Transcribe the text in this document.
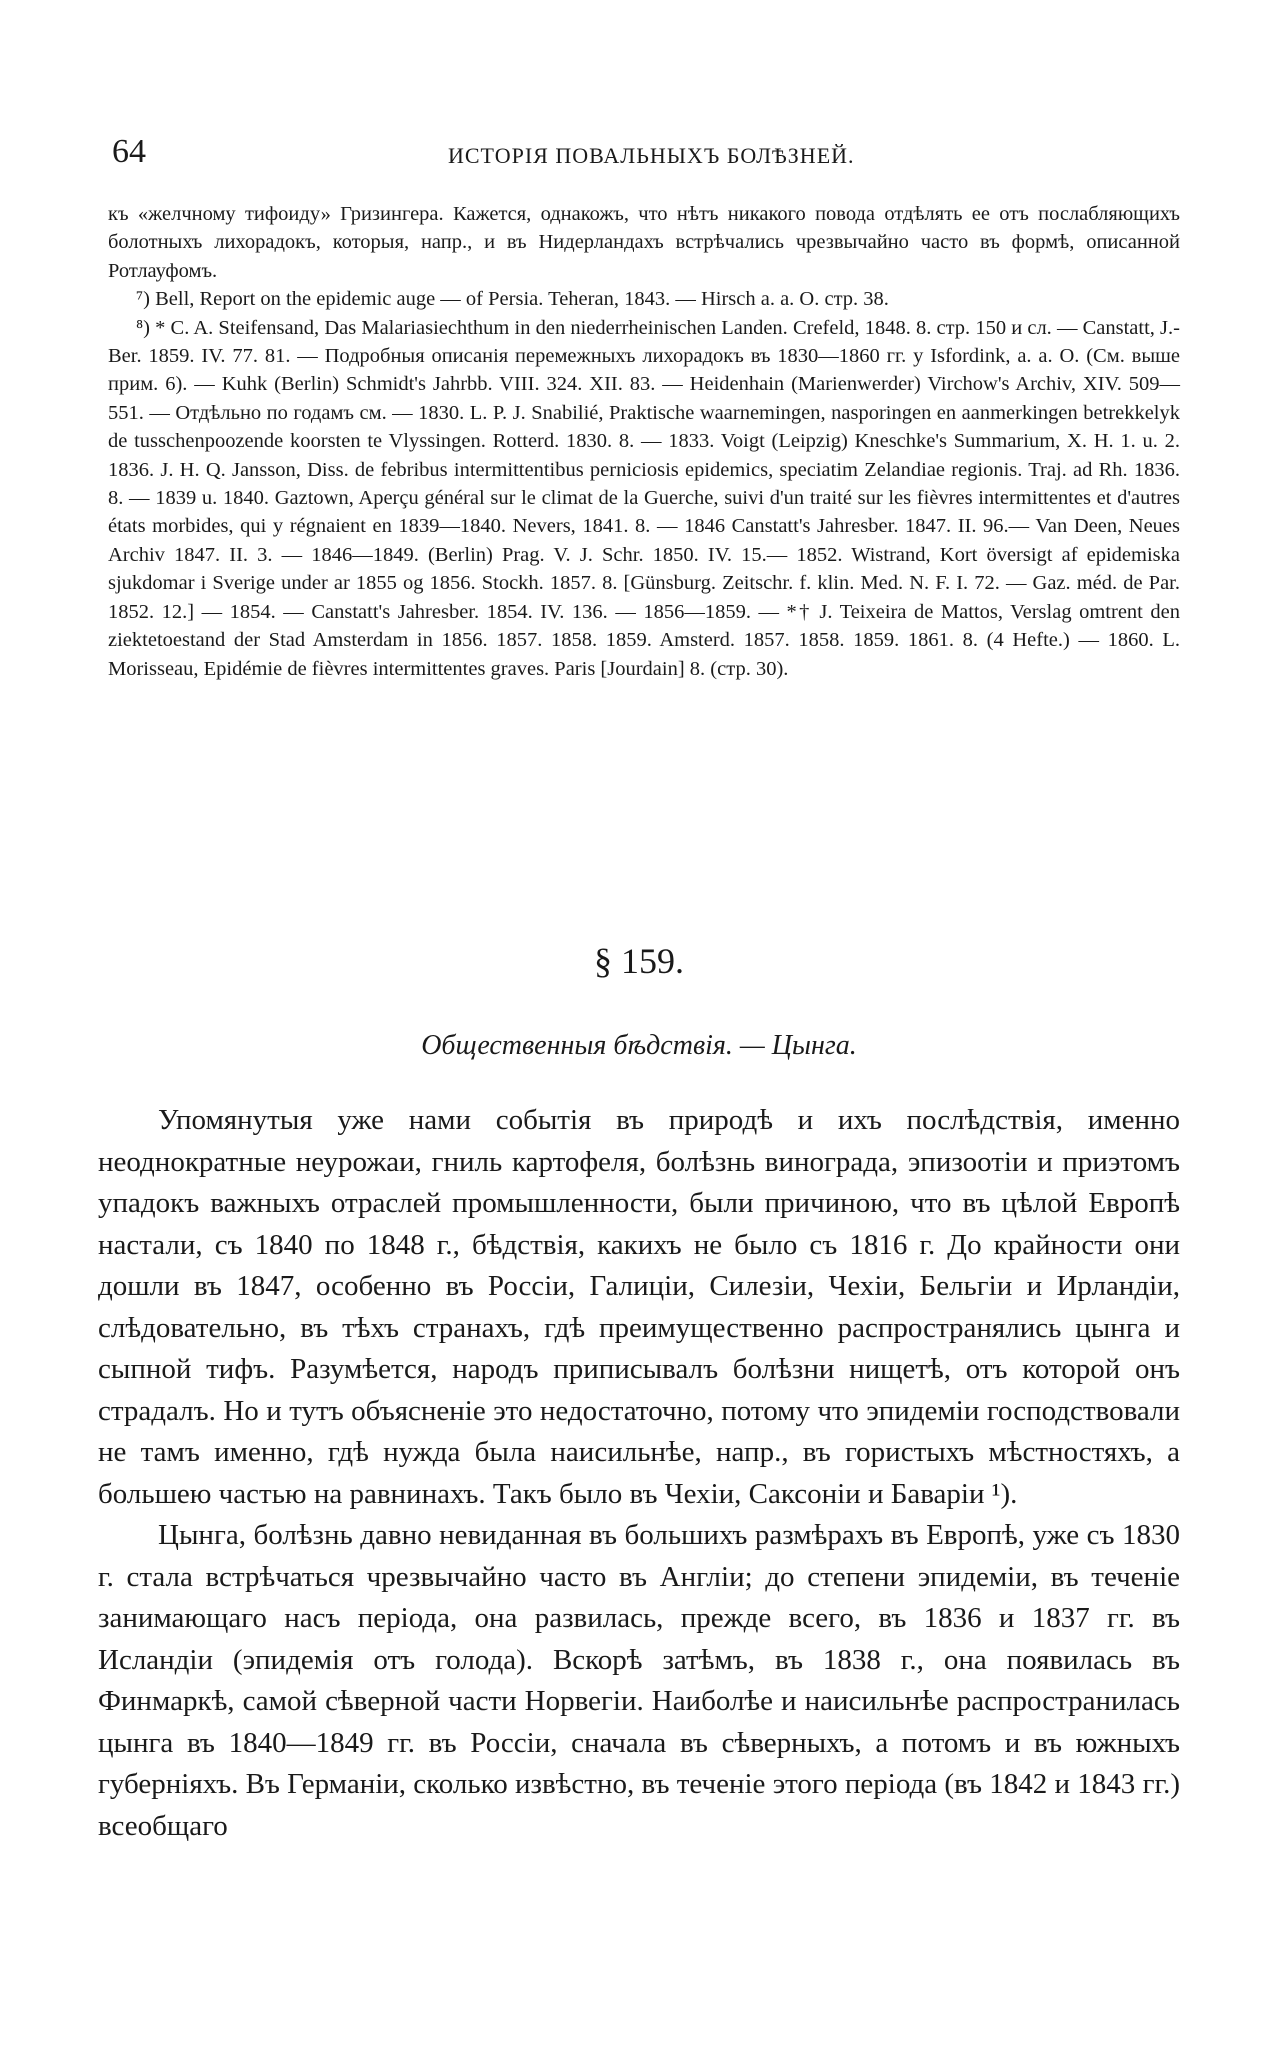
64	ИСТОРІЯ ПОВАЛЬНЫХЪ БОЛѢЗНЕЙ.

къ «желчному тифоиду» Гризингера. Кажется, однакожъ, что нѣтъ никакого повода отдѣлять ее отъ послабляющихъ болотныхъ лихорадокъ, которыя, напр., и въ Нидерландахъ встрѣчались чрезвычайно часто въ формѣ, описанной Ротлауфомъ.

⁷) Bell, Report on the epidemic auge — of Persia. Teheran, 1843. — Hirsch a. a. O. стр. 38.

⁸) * C. A. Steifensand, Das Malariasiechthum in den niederrheinischen Landen. Crefeld, 1848. 8. стр. 150 и сл. — Canstatt, J.-Ber. 1859. IV. 77. 81. — Подробныя описанія перемежныхъ лихорадокъ въ 1830—1860 гг. у Isfordink, a. a. O. (См. выше прим. 6). — Kuhk (Berlin) Schmidt's Jahrbb. VIII. 324. XII. 83. — Heidenhain (Marienwerder) Virchow's Archiv, XIV. 509—551. — Отдѣльно по годамъ см. — 1830. L. P. J. Snabilié, Praktische waarnemingen, nasporingen en aanmerkingen betrekkelyk de tusschenpoozende koorsten te Vlyssingen. Rotterd. 1830. 8. — 1833. Voigt (Leipzig) Kneschke's Summarium, X. H. 1. u. 2. 1836. J. H. Q. Jansson, Diss. de febribus intermittentibus perniciosis epidemics, speciatim Zelandiae regionis. Traj. ad Rh. 1836. 8. — 1839 u. 1840. Gaztown, Aperçu général sur le climat de la Guerche, suivi d'un traité sur les fièvres intermittentes et d'autres états morbides, qui y régnaient en 1839—1840. Nevers, 1841. 8. — 1846 Canstatt's Jahresber. 1847. II. 96.— Van Deen, Neues Archiv 1847. II. 3. — 1846—1849. (Berlin) Prag. V. J. Schr. 1850. IV. 15.— 1852. Wistrand, Kort översigt af epidemiska sjukdomar i Sverige under ar 1855 og 1856. Stockh. 1857. 8. [Günsburg. Zeitschr. f. klin. Med. N. F. I. 72. — Gaz. méd. de Par. 1852. 12.] — 1854. — Canstatt's Jahresber. 1854. IV. 136. — 1856—1859. — *† J. Teixeira de Mattos, Verslag omtrent den ziektetoestand der Stad Amsterdam in 1856. 1857. 1858. 1859. Amsterd. 1857. 1858. 1859. 1861. 8. (4 Hefte.) — 1860. L. Morisseau, Epidémie de fièvres intermittentes graves. Paris [Jourdain] 8. (стр. 30).

§ 159.
Общественныя бѣдствія. — Цынга.

Упомянутыя уже нами событія въ природѣ и ихъ послѣдствія, именно неоднократные неурожаи, гниль картофеля, болѣзнь винограда, эпизоотіи и приэтомъ упадокъ важныхъ отраслей промышленности, были причиною, что въ цѣлой Европѣ настали, съ 1840 по 1848 г., бѣдствія, какихъ не было съ 1816 г. До крайности они дошли въ 1847, особенно въ Россіи, Галиціи, Силезіи, Чехіи, Бельгіи и Ирландіи, слѣдовательно, въ тѣхъ странахъ, гдѣ преимущественно распространялись цынга и сыпной тифъ. Разумѣется, народъ приписывалъ болѣзни нищетѣ, отъ которой онъ страдалъ. Но и тутъ объясненіе это недостаточно, потому что эпидеміи господствовали не тамъ именно, гдѣ нужда была наисильнѣе, напр., въ гористыхъ мѣстностяхъ, а большею частью на равнинахъ. Такъ было въ Чехіи, Саксоніи и Баваріи ¹).

Цынга, болѣзнь давно невиданная въ большихъ размѣрахъ въ Европѣ, уже съ 1830 г. стала встрѣчаться чрезвычайно часто въ Англіи; до степени эпидеміи, въ теченіе занимающаго насъ періода, она развилась, прежде всего, въ 1836 и 1837 гг. въ Исландіи (эпидемія отъ голода). Вскорѣ затѣмъ, въ 1838 г., она появилась въ Финмаркѣ, самой сѣверной части Норвегіи. Наиболѣе и наисильнѣе распространилась цынга въ 1840—1849 гг. въ Россіи, сначала въ сѣверныхъ, а потомъ и въ южныхъ губерніяхъ. Въ Германіи, сколько извѣстно, въ теченіе этого періода (въ 1842 и 1843 гг.) всеобщаго
